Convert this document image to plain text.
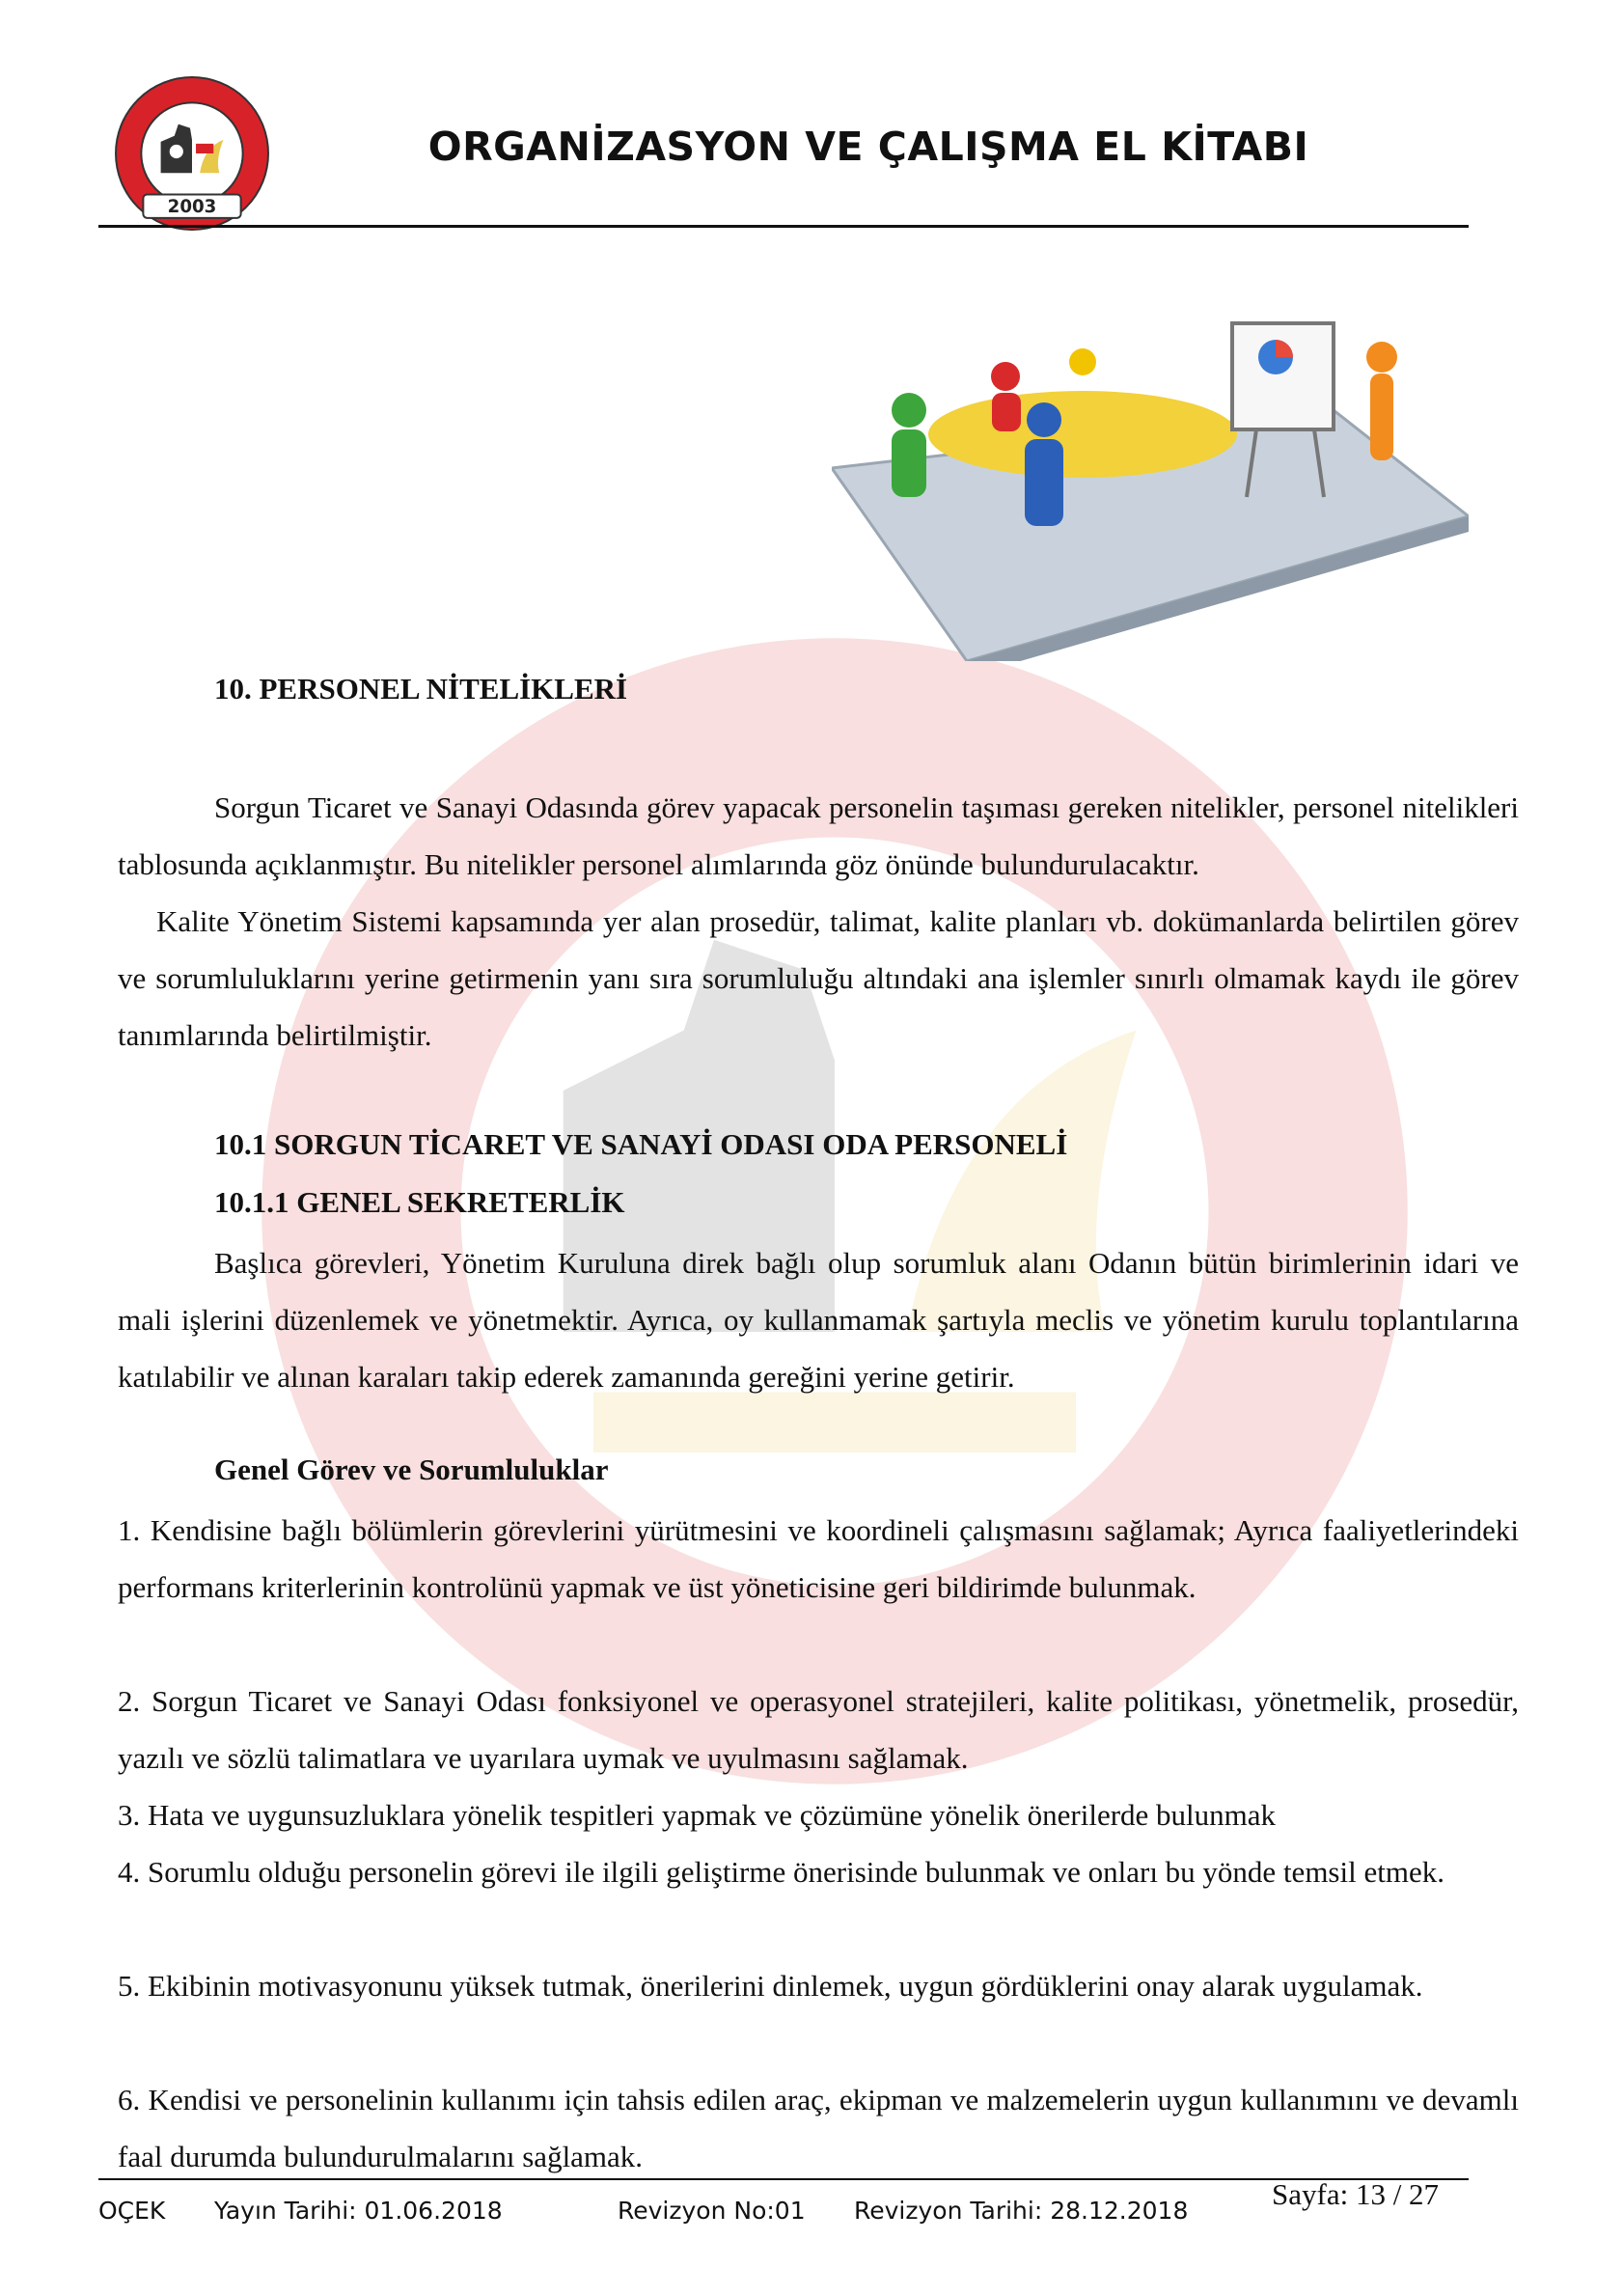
2003
ORGANİZASYON VE ÇALIŞMA EL KİTABI
10. PERSONEL NİTELİKLERİ
Sorgun Ticaret ve Sanayi Odasında görev yapacak personelin taşıması gereken nitelikler, personel nitelikleri tablosunda açıklanmıştır. Bu nitelikler personel alımlarında göz önünde bulundurulacaktır.
Kalite Yönetim Sistemi kapsamında yer alan prosedür, talimat, kalite planları vb. dokümanlarda belirtilen görev ve sorumluluklarını yerine getirmenin yanı sıra sorumluluğu altındaki ana işlemler sınırlı olmamak kaydı ile görev tanımlarında belirtilmiştir.
10.1 SORGUN TİCARET VE SANAYİ ODASI ODA PERSONELİ
10.1.1 GENEL SEKRETERLİK
Başlıca görevleri, Yönetim Kuruluna direk bağlı olup sorumluk alanı Odanın bütün birimlerinin idari ve mali işlerini düzenlemek ve yönetmektir. Ayrıca, oy kullanmamak şartıyla meclis ve yönetim kurulu toplantılarına katılabilir ve alınan karaları takip ederek zamanında gereğini yerine getirir.
Genel Görev ve Sorumluluklar
1. Kendisine bağlı bölümlerin görevlerini yürütmesini ve koordineli çalışmasını sağlamak; Ayrıca faaliyetlerindeki performans kriterlerinin kontrolünü yapmak ve üst yöneticisine geri bildirimde bulunmak.
2. Sorgun Ticaret ve Sanayi Odası fonksiyonel ve operasyonel stratejileri, kalite politikası, yönetmelik, prosedür, yazılı ve sözlü talimatlara ve uyarılara uymak ve uyulmasını sağlamak.
3. Hata ve uygunsuzluklara yönelik tespitleri yapmak ve çözümüne yönelik önerilerde bulunmak
4. Sorumlu olduğu personelin görevi ile ilgili geliştirme önerisinde bulunmak ve onları bu yönde temsil etmek.
5. Ekibinin motivasyonunu yüksek tutmak, önerilerini dinlemek, uygun gördüklerini onay alarak uygulamak.
6. Kendisi ve personelinin kullanımı için tahsis edilen araç, ekipman ve malzemelerin uygun kullanımını ve devamlı faal durumda bulundurulmalarını sağlamak.
OÇEK Yayın Tarihi: 01.06.2018	Revizyon No:01 Revizyon Tarihi: 28.12.2018	Sayfa: 13 / 27
